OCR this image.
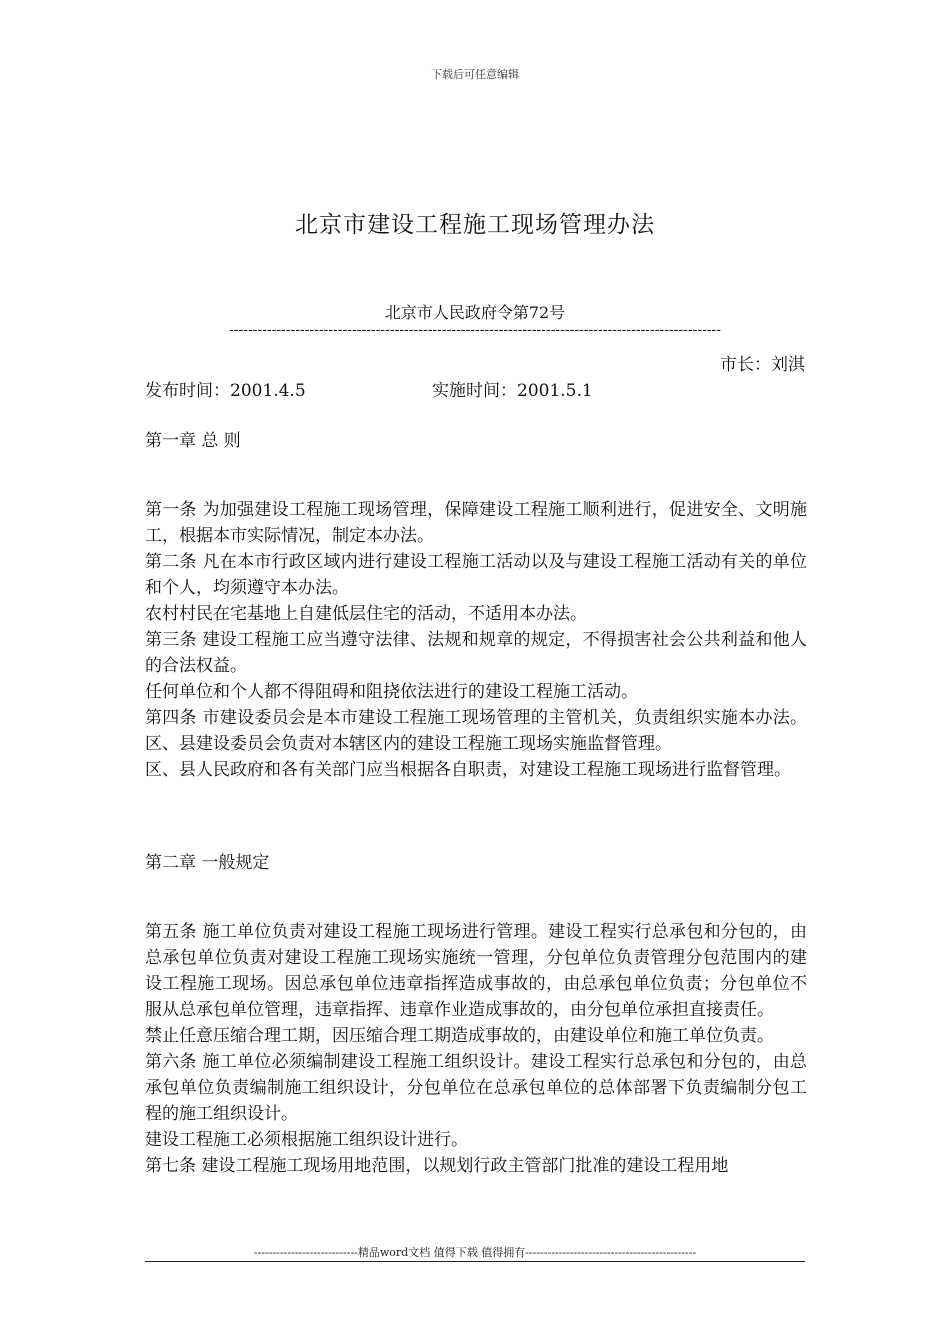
下载后可任意编辑
北京市建设工程施工现场管理办法
北京市人民政府令第72号
--------------------------------------------------------------------------------------------------------
市长：刘淇
发布时间：2001.4.5	实施时间：2001.5.1
第一章 总 则

第一条 为加强建设工程施工现场管理，保障建设工程施工顺利进行，促进安全、文明施工，根据本市实际情况，制定本办法。

第二条 凡在本市行政区域内进行建设工程施工活动以及与建设工程施工活动有关的单位和个人，均须遵守本办法。

农村村民在宅基地上自建低层住宅的活动，不适用本办法。

第三条 建设工程施工应当遵守法律、法规和规章的规定，不得损害社会公共利益和他人的合法权益。

任何单位和个人都不得阻碍和阻挠依法进行的建设工程施工活动。

第四条 市建设委员会是本市建设工程施工现场管理的主管机关，负责组织实施本办法。区、县建设委员会负责对本辖区内的建设工程施工现场实施监督管理。

区、县人民政府和各有关部门应当根据各自职责，对建设工程施工现场进行监督管理。

第二章 一般规定

第五条 施工单位负责对建设工程施工现场进行管理。建设工程实行总承包和分包的，由总承包单位负责对建设工程施工现场实施统一管理，分包单位负责管理分包范围内的建设工程施工现场。因总承包单位违章指挥造成事故的，由总承包单位负责；分包单位不服从总承包单位管理，违章指挥、违章作业造成事故的，由分包单位承担直接责任。

禁止任意压缩合理工期，因压缩合理工期造成事故的，由建设单位和施工单位负责。

第六条 施工单位必须编制建设工程施工组织设计。建设工程实行总承包和分包的，由总承包单位负责编制施工组织设计，分包单位在总承包单位的总体部署下负责编制分包工程的施工组织设计。

建设工程施工必须根据施工组织设计进行。

第七条 建设工程施工现场用地范围，以规划行政主管部门批准的建设工程用地

----------------------------精品word文档 值得下载 值得拥有----------------------------------------------
